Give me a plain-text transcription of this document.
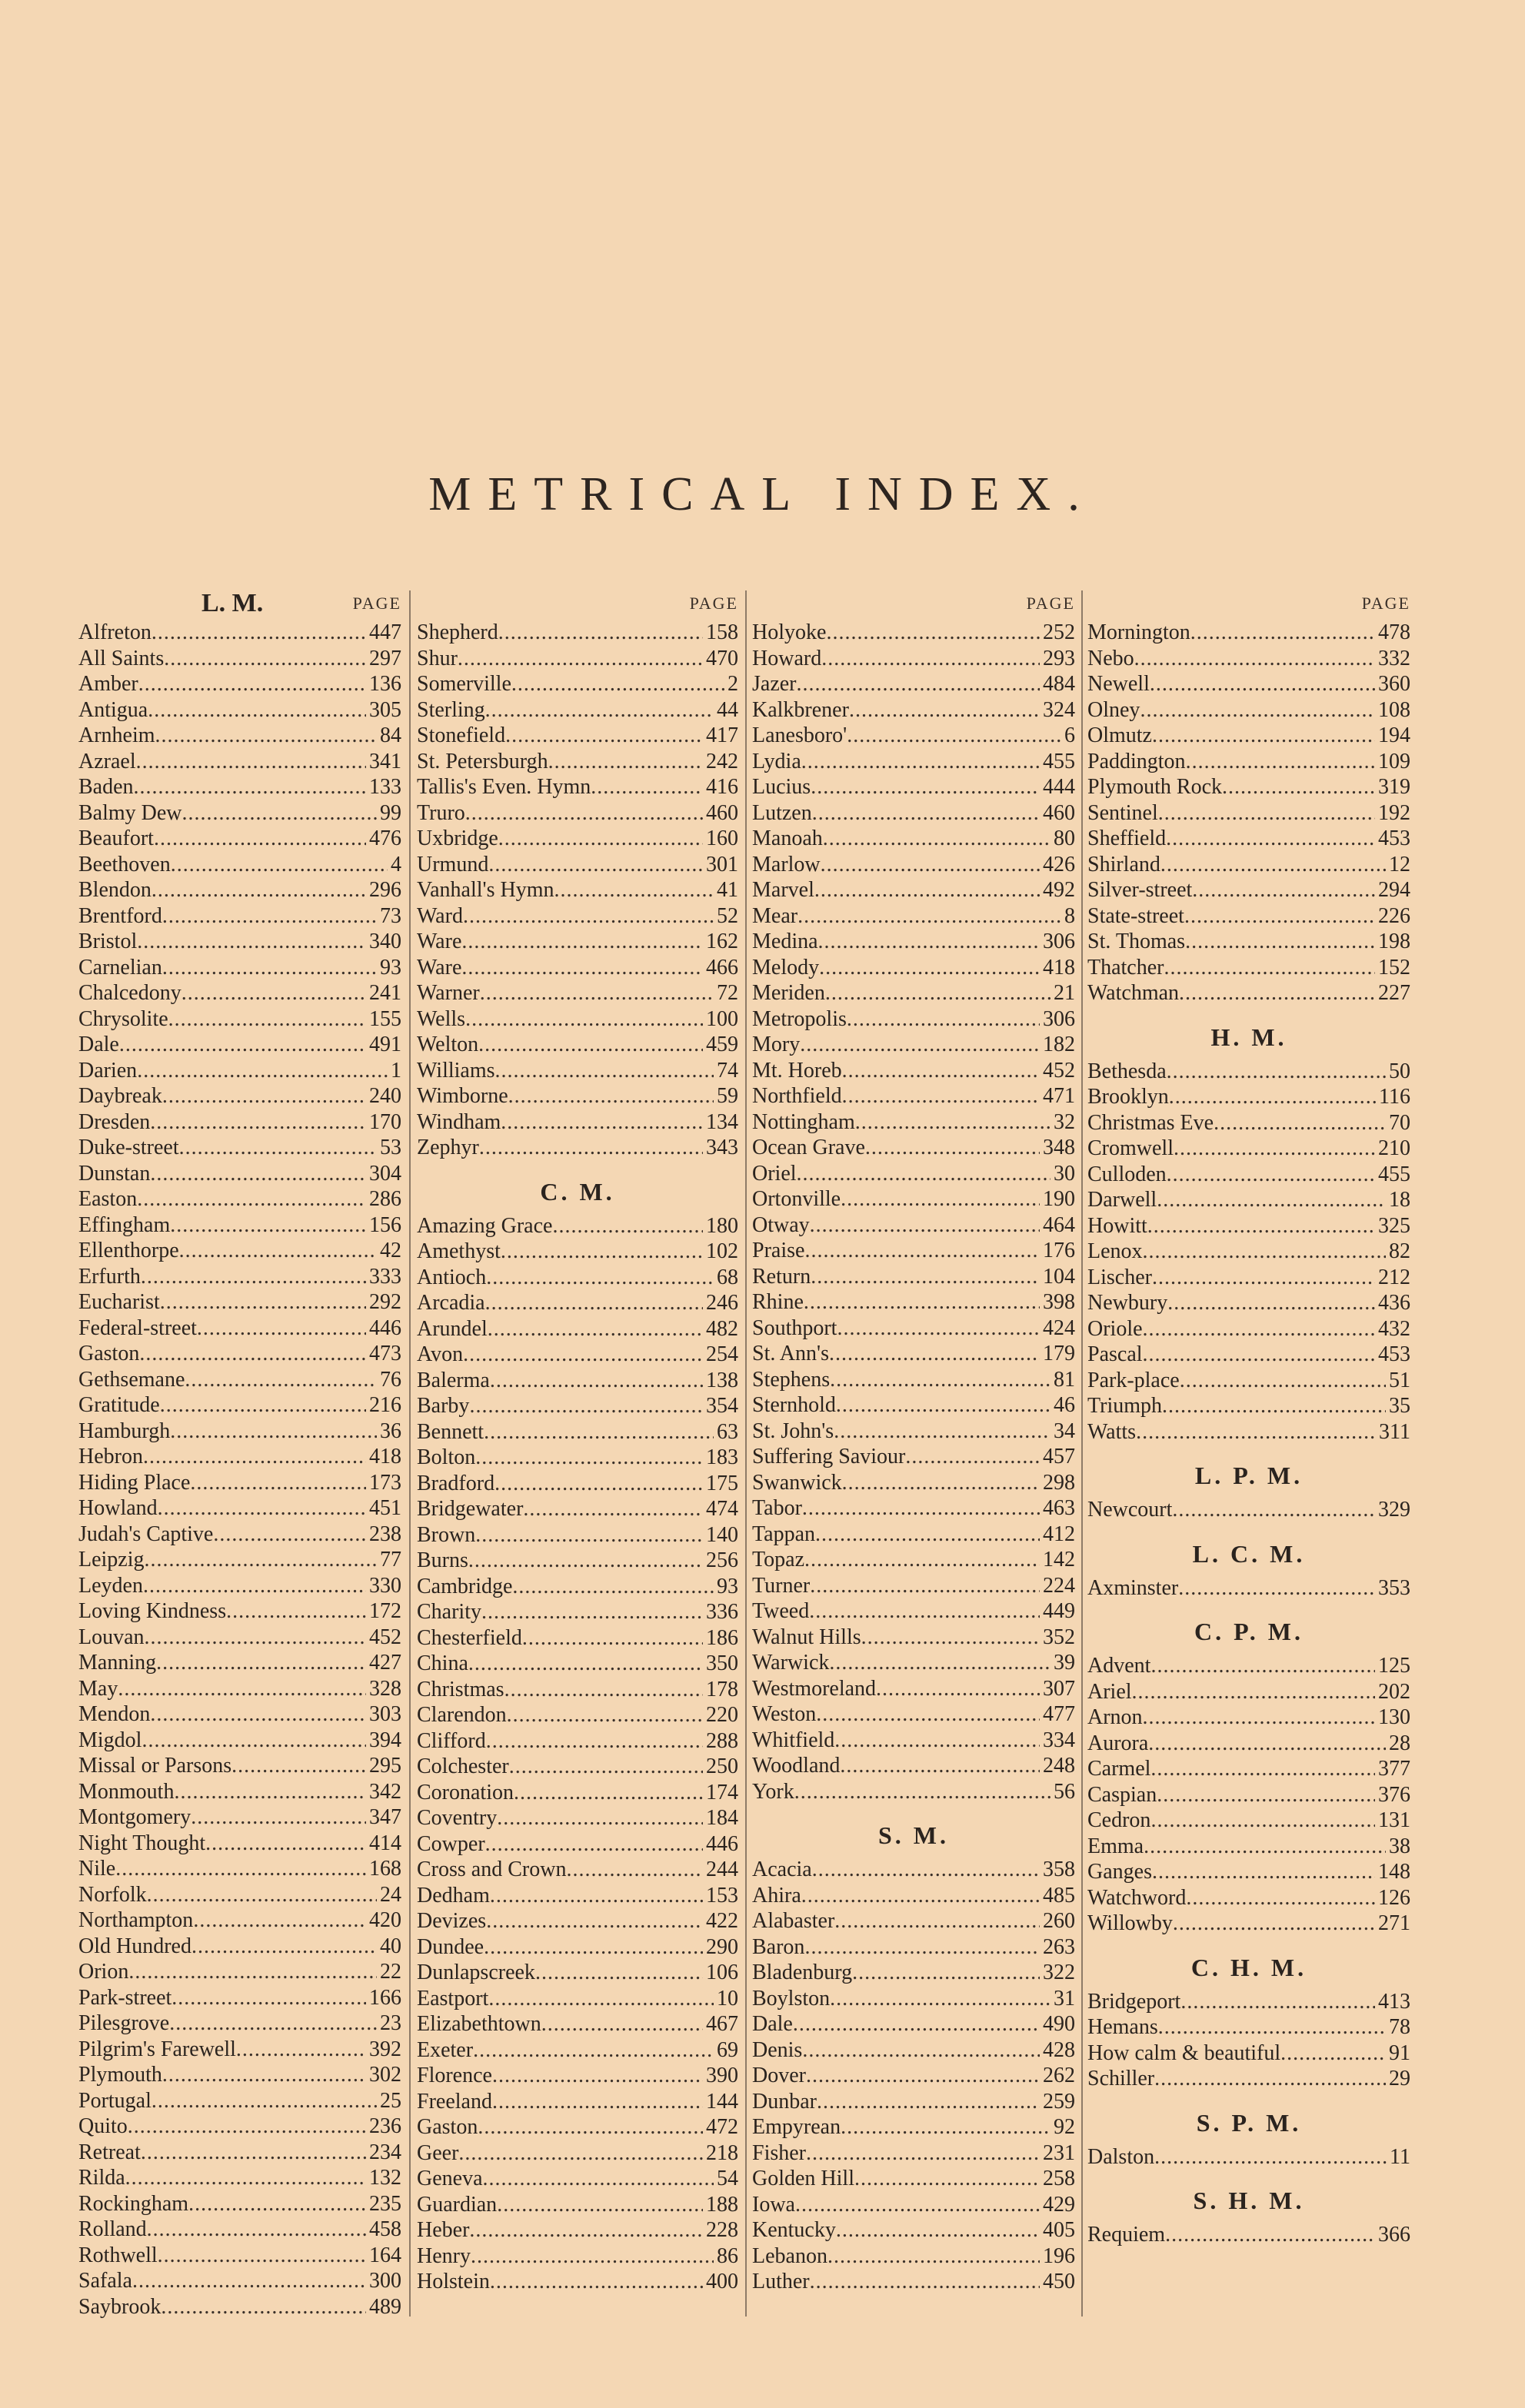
METRICAL INDEX.
L. M.	PAGE
Alfreton . . .	447
All Saints . . .	297
Amber . . .	136
Antigua . . .	305
Arnheim . . .	84
Azrael . . .	341
Baden . . .	133
Balmy Dew . . .	99
Beaufort . . .	476
Beethoven . . .	4
Blendon . . .	296
Brentford . . .	73
Bristol . . .	340
Carnelian . . .	93
Chalcedony . . .	241
Chrysolite . . .	155
Dale . . .	491
Darien . . .	1
Daybreak . . .	240
Dresden . . .	170
Duke-street . . .	53
Dunstan . . .	304
Easton . . .	286
Effingham . . .	156
Ellenthorpe . . .	42
Erfurth . . .	333
Eucharist . . .	292
Federal-street . . .	446
Gaston . . .	473
Gethsemane . . .	76
Gratitude . . .	216
Hamburgh . . .	36
Hebron . . .	418
Hiding Place . . .	173
Howland . . .	451
Judah's Captive . . .	238
Leipzig . . .	77
Leyden . . .	330
Loving Kindness . . .	172
Louvan . . .	452
Manning . . .	427
May . . .	328
Mendon . . .	303
Migdol . . .	394
Missal or Parsons . . .	295
Monmouth . . .	342
Montgomery . . .	347
Night Thought . . .	414
Nile . . .	168
Norfolk . . .	24
Northampton . . .	420
Old Hundred . . .	40
Orion . . .	22
Park-street . . .	166
Pilesgrove . . .	23
Pilgrim's Farewell . . .	392
Plymouth . . .	302
Portugal . . .	25
Quito . . .	236
Retreat . . .	234
Rilda . . .	132
Rockingham . . .	235
Rolland . . .	458
Rothwell . . .	164
Safala . . .	300
Saybrook . . .	489
PAGE
Shepherd . . .	158
Shur . . .	470
Somerville . . .	2
Sterling . . .	44
Stonefield . . .	417
St. Petersburgh . . .	242
Tallis's Even. Hymn . . .	416
Truro . . .	460
Uxbridge . . .	160
Urmund . . .	301
Vanhall's Hymn . . .	41
Ward . . .	52
Ware . . .	162
Ware . . .	466
Warner . . .	72
Wells . . .	100
Welton . . .	459
Williams . . .	74
Wimborne . . .	59
Windham . . .	134
Zephyr . . .	343
C. M.
Amazing Grace . . .	180
Amethyst . . .	102
Antioch . . .	68
Arcadia . . .	246
Arundel . . .	482
Avon . . .	254
Balerma . . .	138
Barby . . .	354
Bennett . . .	63
Bolton . . .	183
Bradford . . .	175
Bridgewater . . .	474
Brown . . .	140
Burns . . .	256
Cambridge . . .	93
Charity . . .	336
Chesterfield . . .	186
China . . .	350
Christmas . . .	178
Clarendon . . .	220
Clifford . . .	288
Colchester . . .	250
Coronation . . .	174
Coventry . . .	184
Cowper . . .	446
Cross and Crown . . .	244
Dedham . . .	153
Devizes . . .	422
Dundee . . .	290
Dunlapscreek . . .	106
Eastport . . .	10
Elizabethtown . . .	467
Exeter . . .	69
Florence . . .	390
Freeland . . .	144
Gaston . . .	472
Geer . . .	218
Geneva . . .	54
Guardian . . .	188
Heber . . .	228
Henry . . .	86
Holstein . . .	400
PAGE
Holyoke . . .	252
Howard . . .	293
Jazer . . .	484
Kalkbrener . . .	324
Lanesboro' . . .	6
Lydia . . .	455
Lucius . . .	444
Lutzen . . .	460
Manoah . . .	80
Marlow . . .	426
Marvel . . .	492
Mear . . .	8
Medina . . .	306
Melody . . .	418
Meriden . . .	21
Metropolis . . .	306
Mory . . .	182
Mt. Horeb . . .	452
Northfield . . .	471
Nottingham . . .	32
Ocean Grave . . .	348
Oriel . . .	30
Ortonville . . .	190
Otway . . .	464
Praise . . .	176
Return . . .	104
Rhine . . .	398
Southport . . .	424
St. Ann's . . .	179
Stephens . . .	81
Sternhold . . .	46
St. John's . . .	34
Suffering Saviour . . .	457
Swanwick . . .	298
Tabor . . .	463
Tappan . . .	412
Topaz . . .	142
Turner . . .	224
Tweed . . .	449
Walnut Hills . . .	352
Warwick . . .	39
Westmoreland . . .	307
Weston . . .	477
Whitfield . . .	334
Woodland . . .	248
York . . .	56
S. M.
Acacia . . .	358
Ahira . . .	485
Alabaster . . .	260
Baron . . .	263
Bladenburg . . .	322
Boylston . . .	31
Dale . . .	490
Denis . . .	428
Dover . . .	262
Dunbar . . .	259
Empyrean . . .	92
Fisher . . .	231
Golden Hill . . .	258
Iowa . . .	429
Kentucky . . .	405
Lebanon . . .	196
Luther . . .	450
PAGE
Mornington . . .	478
Nebo . . .	332
Newell . . .	360
Olney . . .	108
Olmutz . . .	194
Paddington . . .	109
Plymouth Rock . . .	319
Sentinel . . .	192
Sheffield . . .	453
Shirland . . .	12
Silver-street . . .	294
State-street . . .	226
St. Thomas . . .	198
Thatcher . . .	152
Watchman . . .	227
H. M.
Bethesda . . .	50
Brooklyn . . .	116
Christmas Eve . . .	70
Cromwell . . .	210
Culloden . . .	455
Darwell . . .	18
Howitt . . .	325
Lenox . . .	82
Lischer . . .	212
Newbury . . .	436
Oriole . . .	432
Pascal . . .	453
Park-place . . .	51
Triumph . . .	35
Watts . . .	311
L. P. M.
Newcourt . . .	329
L. C. M.
Axminster . . .	353
C. P. M.
Advent . . .	125
Ariel . . .	202
Arnon . . .	130
Aurora . . .	28
Carmel . . .	377
Caspian . . .	376
Cedron . . .	131
Emma . . .	38
Ganges . . .	148
Watchword . . .	126
Willowby . . .	271
C. H. M.
Bridgeport . . .	413
Hemans . . .	78
How calm & beautiful . . .	91
Schiller . . .	29
S. P. M.
Dalston . . .	11
S. H. M.
Requiem . . .	366
